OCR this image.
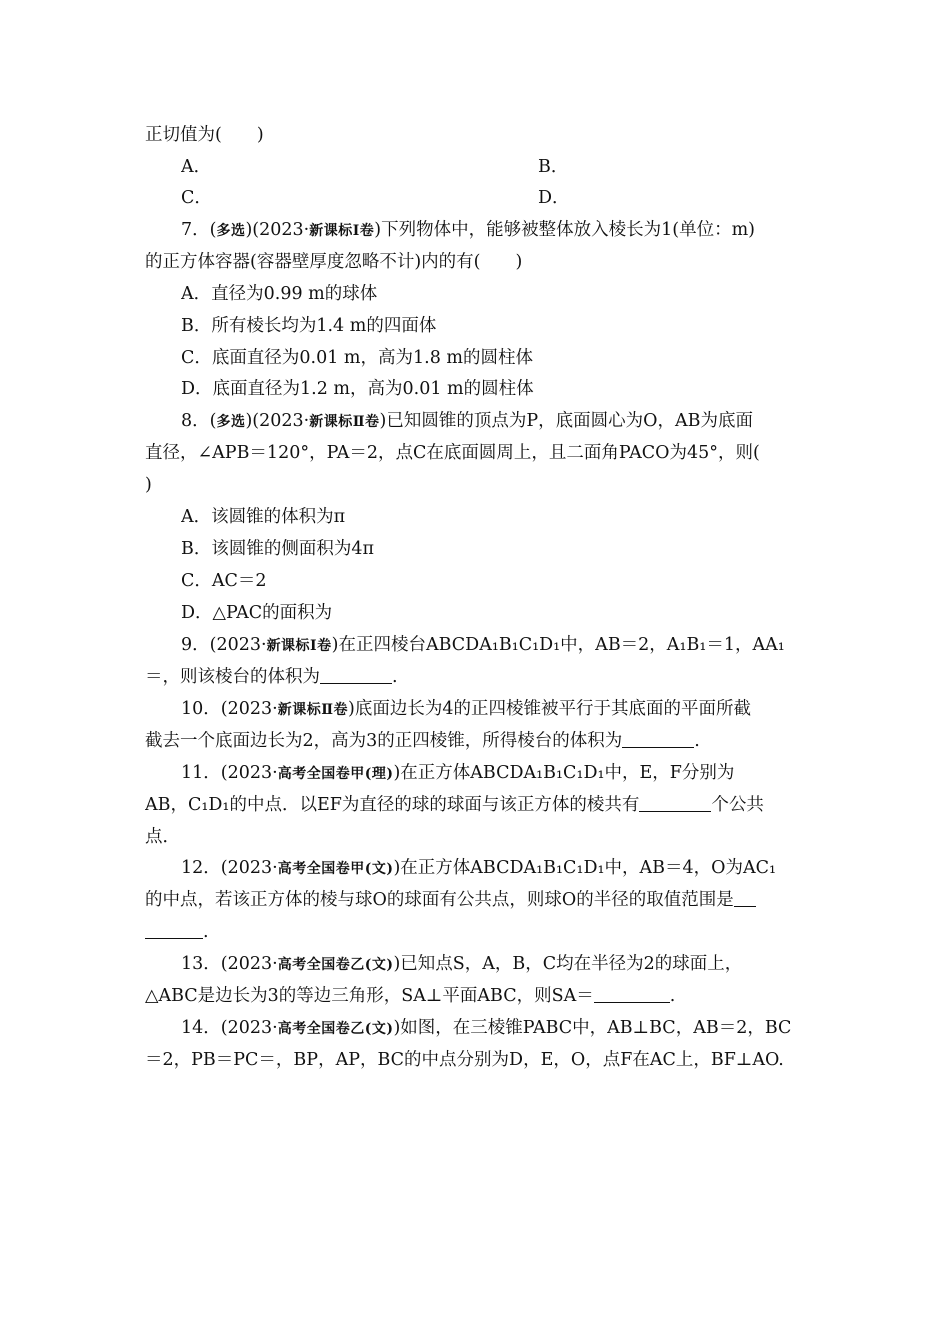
正切值为(　　)
A．	B．
C．	D．
7．(多选)(2023·新课标Ⅰ卷)下列物体中，能够被整体放入棱长为1(单位：m)
的正方体容器(容器壁厚度忽略不计)内的有(　　)
A．直径为0.99 m的球体
B．所有棱长均为1.4 m的四面体
C．底面直径为0.01 m，高为1.8 m的圆柱体
D．底面直径为1.2 m，高为0.01 m的圆柱体
8．(多选)(2023·新课标Ⅱ卷)已知圆锥的顶点为P，底面圆心为O，AB为底面
直径，∠APB＝120°，PA＝2，点C在底面圆周上，且二面角PACO为45°，则(
)
A．该圆锥的体积为π
B．该圆锥的侧面积为4π
C．AC＝2
D．△PAC的面积为
9．(2023·新课标Ⅰ卷)在正四棱台ABCDA₁B₁C₁D₁中，AB＝2，A₁B₁＝1，AA₁
＝，则该棱台的体积为	.
10．(2023·新课标Ⅱ卷)底面边长为4的正四棱锥被平行于其底面的平面所截
截去一个底面边长为2，高为3的正四棱锥，所得棱台的体积为	.
11．(2023·高考全国卷甲(理))在正方体ABCDA₁B₁C₁D₁中，E，F分别为
AB，C₁D₁的中点．以EF为直径的球的球面与该正方体的棱共有	个公共
点．
12．(2023·高考全国卷甲(文))在正方体ABCDA₁B₁C₁D₁中，AB＝4，O为AC₁
的中点，若该正方体的棱与球O的球面有公共点，则球O的半径的取值范围是
.
13．(2023·高考全国卷乙(文))已知点S，A，B，C均在半径为2的球面上，
△ABC是边长为3的等边三角形，SA⊥平面ABC，则SA＝	.
14．(2023·高考全国卷乙(文))如图，在三棱锥PABC中，AB⊥BC，AB＝2，BC
＝2，PB＝PC＝，BP，AP，BC的中点分别为D，E，O，点F在AC上，BF⊥AO.
